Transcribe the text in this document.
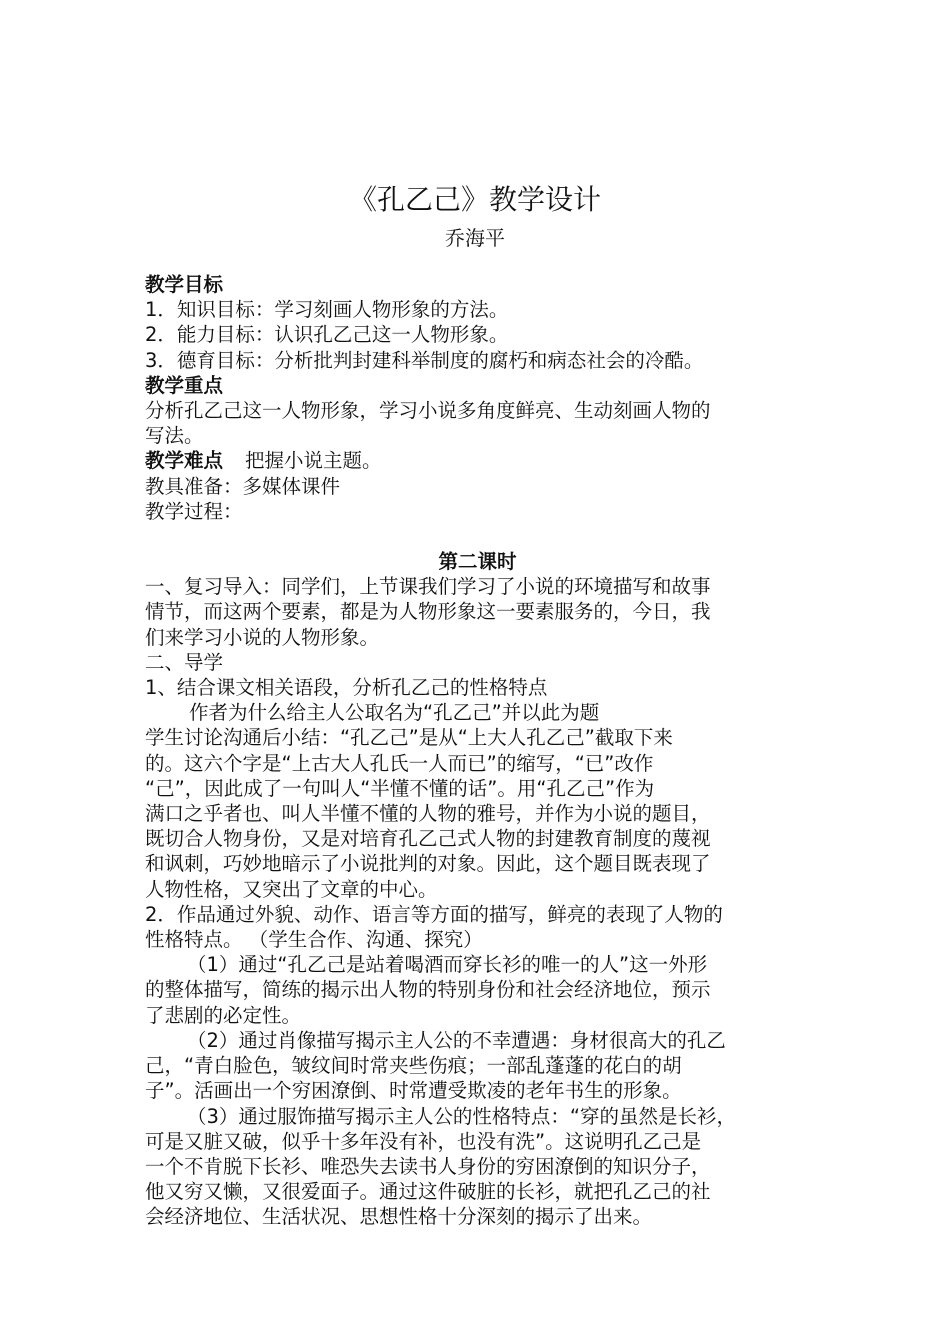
《孔乙己》教学设计
乔海平
教学目标
1．知识目标：学习刻画人物形象的方法。
2．能力目标：认识孔乙己这一人物形象。
3．德育目标：分析批判封建科举制度的腐朽和病态社会的冷酷。
教学重点
分析孔乙己这一人物形象，学习小说多角度鲜亮、生动刻画人物的
写法。
教学难点 把握小说主题。
教具准备：多媒体课件
教学过程：
第二课时
一、复习导入：同学们，上节课我们学习了小说的环境描写和故事
情节，而这两个要素，都是为人物形象这一要素服务的，今日，我
们来学习小说的人物形象。
二、导学
1、结合课文相关语段，分析孔乙己的性格特点
作者为什么给主人公取名为“孔乙己”并以此为题
学生讨论沟通后小结：“孔乙己”是从“上大人孔乙己”截取下来
的。这六个字是“上古大人孔氏一人而已”的缩写，“已”改作
“己”，因此成了一句叫人“半懂不懂的话”。用“孔乙己”作为
满口之乎者也、叫人半懂不懂的人物的雅号，并作为小说的题目，
既切合人物身份，又是对培育孔乙己式人物的封建教育制度的蔑视
和讽刺，巧妙地暗示了小说批判的对象。因此，这个题目既表现了
人物性格，又突出了文章的中心。
2．作品通过外貌、动作、语言等方面的描写，鲜亮的表现了人物的
性格特点。 （学生合作、沟通、探究）
（1）通过“孔乙己是站着喝酒而穿长衫的唯一的人”这一外形
的整体描写，简练的揭示出人物的特别身份和社会经济地位，预示
了悲剧的必定性。
（2）通过肖像描写揭示主人公的不幸遭遇：身材很高大的孔乙
己，“青白脸色，皱纹间时常夹些伤痕；一部乱蓬蓬的花白的胡
子”。活画出一个穷困潦倒、时常遭受欺凌的老年书生的形象。
（3）通过服饰描写揭示主人公的性格特点：“穿的虽然是长衫，
可是又脏又破，似乎十多年没有补，也没有洗”。这说明孔乙己是
一个不肯脱下长衫、唯恐失去读书人身份的穷困潦倒的知识分子，
他又穷又懒，又很爱面子。通过这件破脏的长衫，就把孔乙己的社
会经济地位、生活状况、思想性格十分深刻的揭示了出来。
